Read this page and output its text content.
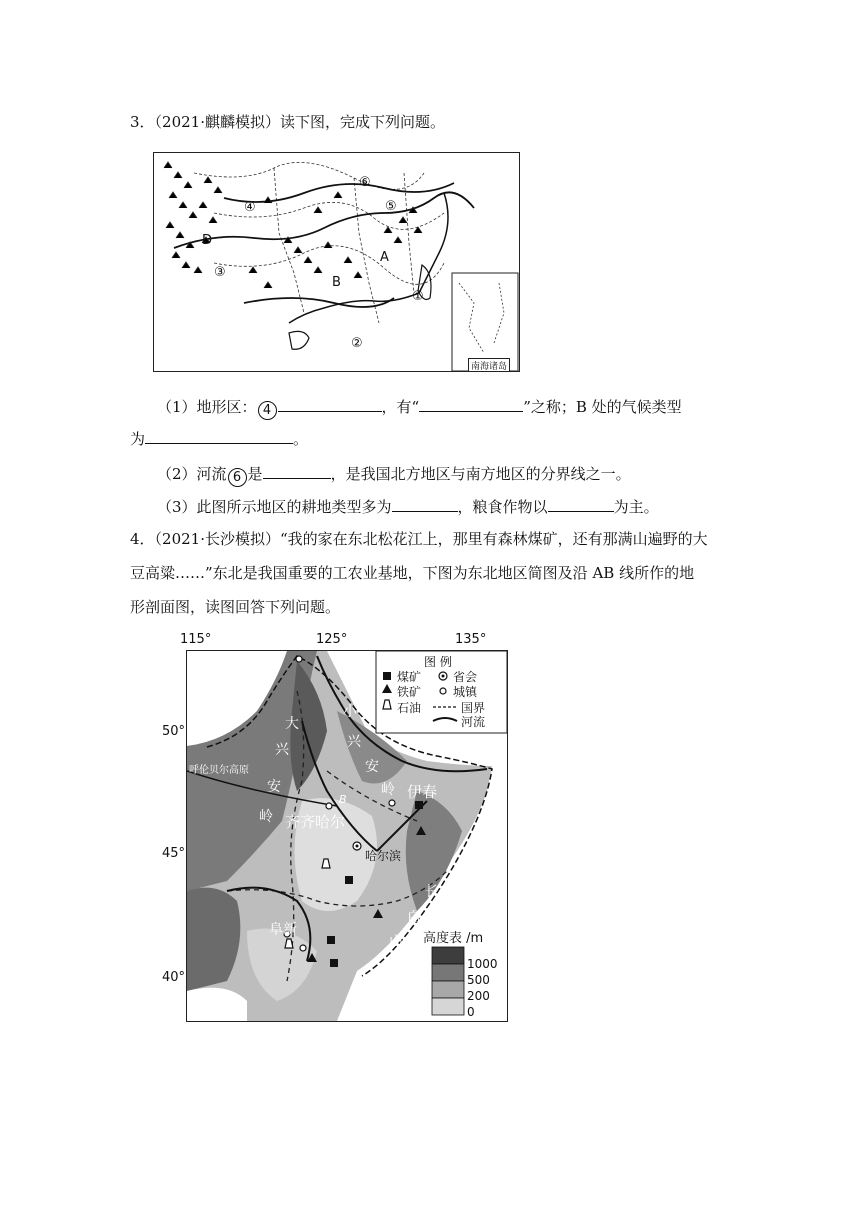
3．（2021·麒麟模拟）读下图，完成下列问题。
⑥
④	⑤
D
A
③
B
①
②
南海诸岛
（1）地形区： 4	，有“	”之称；B 处的气候类型
为	。
（2）河流 6 是	，是我国北方地区与南方地区的分界线之一。
（3）此图所示地区的耕地类型多为	，粮食作物以	为主。
4．（2021·长沙模拟）“我的家在东北松花江上，那里有森林煤矿，还有那满山遍野的大
豆高粱……”东北是我国重要的工农业基地，下图为东北地区简图及沿 AB 线所作的地
形剖面图，读图回答下列问题。
115°	125°	135°
50°
45°
40°
图 例
煤矿	省会
铁矿	城镇
石油	国界
河流
呼伦贝尔高原
伊春
齐齐哈尔
哈尔滨
阜新
B
大
兴
安
岭
小
兴
安
岭
长
白
山 高度表 /m
1000
500
200
0
